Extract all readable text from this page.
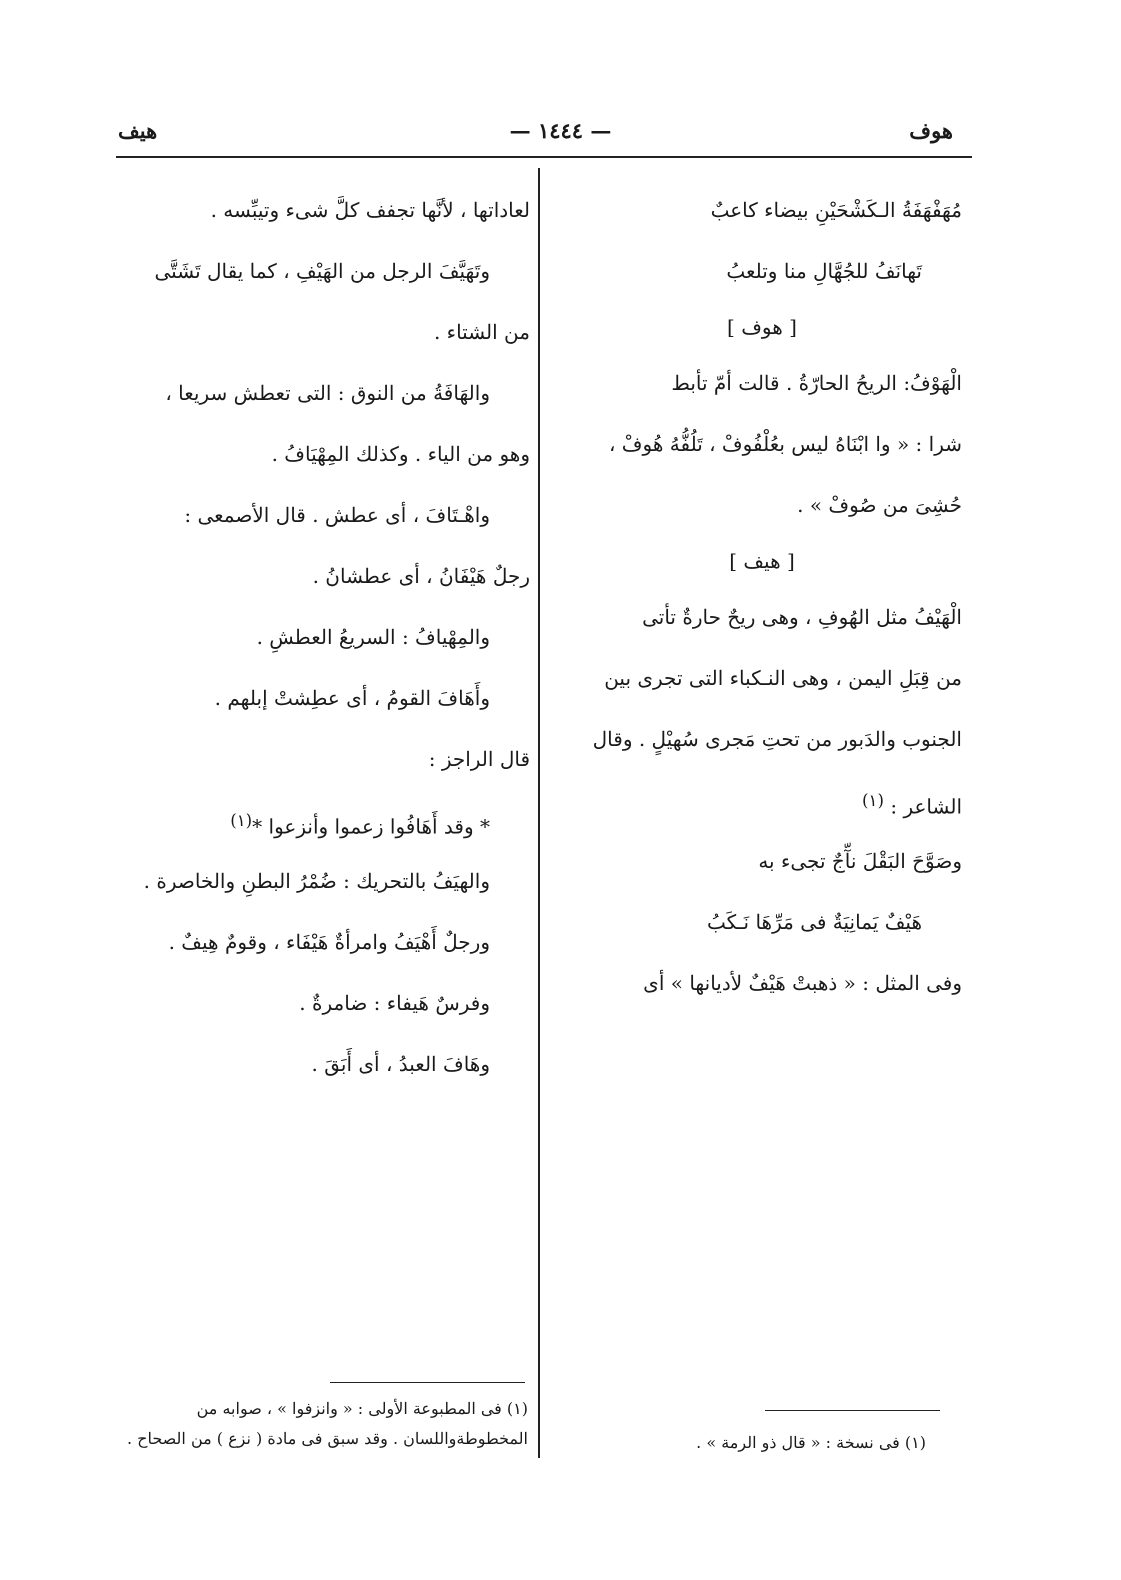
هوف
— ١٤٤٤ —
هيف
مُهَفْهَفَةُ الـكَشْحَيْنِ بيضاء كاعبٌ
تَهانَفُ للجُهَّالِ منا وتلعبُ
[ هوف ]
الْهَوْفُ: الريحُ الحارّةُ . قالت أمّ تأبط
شرا : « وا ابْنَاهُ ليس بعُلْفُوفْ ، تَلُفُّهُ هُوفْ ،
حُشِىَ من صُوفْ » .
[ هيف ]
الْهَيْفُ مثل الهُوفِ ، وهى ريحٌ حارةٌ تأتى
من قِبَلِ اليمن ، وهى النـكباء التى تجرى بين
الجنوب والدَبور من تحتِ مَجرى سُهيْلٍ . وقال
الشاعر : $^{(١)}$
وصَوَّحَ البَقْلَ نآّجٌ تجىء به
هَيْفٌ يَمانِيَةٌ فى مَرِّهَا نَـكَبُ
وفى المثل : « ذهبتْ هَيْفٌ لأديانها » أى
لعاداتها ، لأنَّها تجفف كلَّ شىء وتيبِّسه .
وتَهَيَّفَ الرجل من الهَيْفِ ، كما يقال تَشَتَّى
من الشتاء .
والهَافَةُ من النوق : التى تعطش سريعا ،
وهو من الياء . وكذلك المِهْيَافُ .
واهْـتَافَ ، أى عطش . قال الأصمعى :
رجلٌ هَيْفَانُ ، أى عطشانُ .
والمِهْيافُ : السريعُ العطشِ .
وأَهَافَ القومُ ، أى عطِشتْ إبلهم .
قال الراجز :
* وقد أَهَافُوا زعموا وأنزعوا *$^{(١)}$
والهيَفُ بالتحريك : ضُمْرُ البطنِ والخاصرة .
ورجلٌ أَهْيَفُ وامرأةٌ هَيْفَاء ، وقومٌ هِيفٌ .
وفرسٌ هَيفاء : ضامرةٌ .
وهَافَ العبدُ ، أى أَبَقَ .
(١) فى المطبوعة الأولى : « وانزفوا » ، صوابه من
المخطوطةواللسان . وقد سبق فى مادة ( نزع ) من الصحاح .	(١) فى نسخة : « قال ذو الرمة » .
